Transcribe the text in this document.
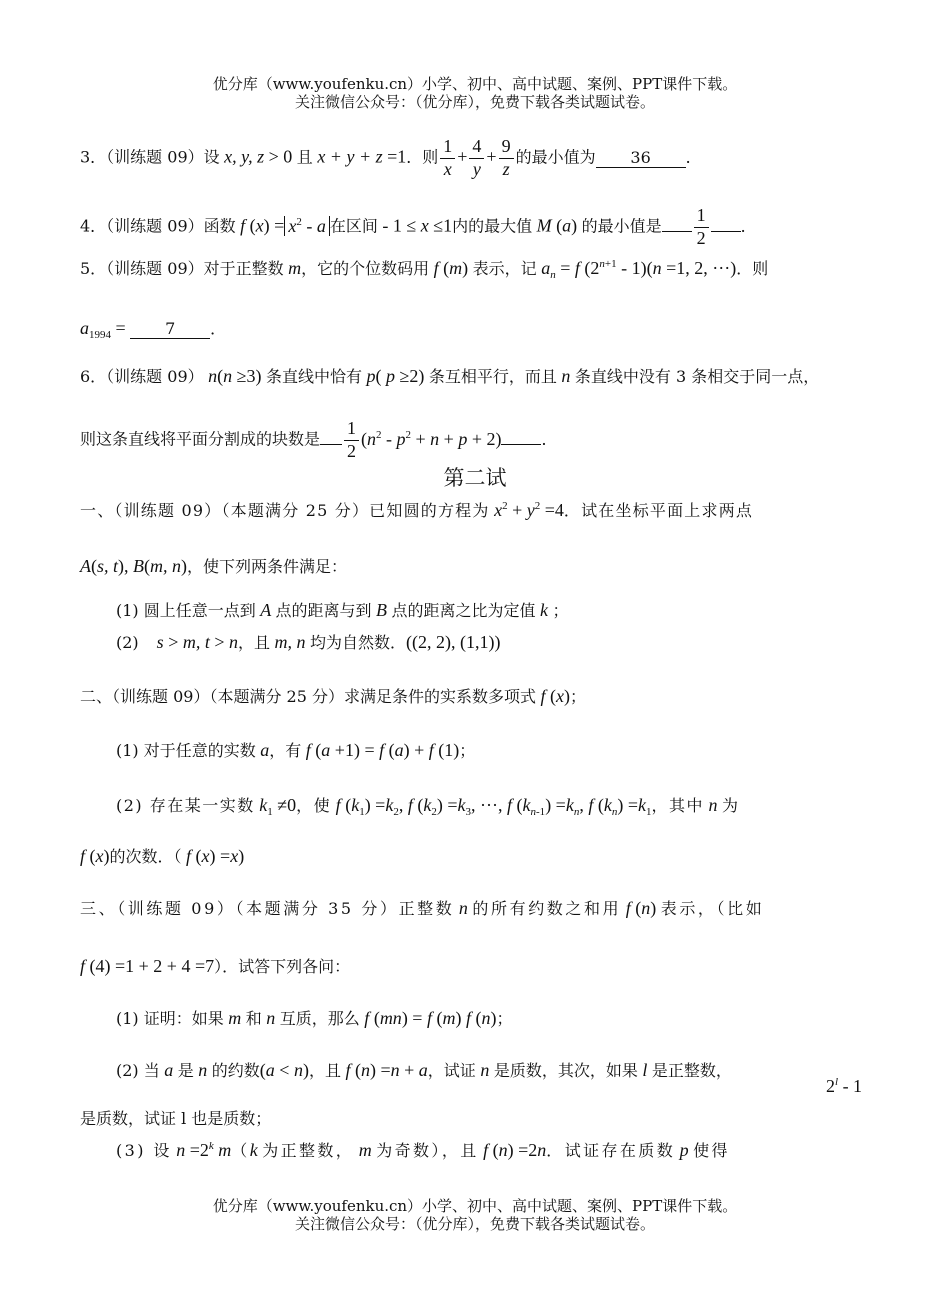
优分库（www.youfenku.cn）小学、初中、高中试题、案例、PPT课件下载。
关注微信公众号：（优分库），免费下载各类试题试卷。
3．（训练题 09）设 x, y, z > 0 且 x + y + z =1．则 $\frac{1}{x} + \frac{4}{y} + \frac{9}{z}$ 的最小值为 36 ．
4．（训练题 09）函数 f $(x) = x^2 - a$ 在区间 - 1 ≤ x ≤1内的最大值 M (a) 的最小值是 $\frac{1}{2}$ ．
5．（训练题 09）对于正整数 m，它的个位数码用 f (m) 表示，记 $a_n = f$ $(2^{n+1} - 1)(n =1$, 2, ···)．则
$a_{1994} = 7$ ．
6．（训练题 09） n(n ≥3) 条直线中恰有 p( p ≥2) 条互相平行，而且 n 条直线中没有 3 条相交于同一点，
则这条直线将平面分割成的块数是 $\frac{1}{2} (n^2 - p^2 + n + p + 2)$	．
第二试
一、（训练题 09）（本题满分 25 分）已知圆的方程为 $x^2 + y^2 =4$．试在坐标平面上求两点
A(s, t), B(m, n)，使下列两条件满足：
(1) 圆上任意一点到 A 点的距离与到 B 点的距离之比为定值 k ；
(2)    s > m, t > n，且 m, n 均为自然数．((2, 2), (1,1))
二、（训练题 09）（本题满分 25 分）求满足条件的实系数多项式 f (x)；
(1) 对于任意的实数 a，有 f (a +1) = f (a) + f (1)；
(2) 存在某一实数 $k_1 \ne 0$，使 f $(k_1) =k_2$, f $(k_2) =k_3$, ···, f $(k_{n-1}) =k_n$, f $(k_n) =k_1$，其中 n 为
f (x)的次数．（ f (x) =x)
三、（训练题 09）（本题满分 35 分）正整数 n 的所有约数之和用 f (n) 表示，（比如
f (4) =1 + 2 + 4 =7）．试答下列各问：
(1) 证明：如果 m 和 n 互质，那么 f (mn) = f (m) f (n)；
(2) 当 a 是 n 的约数(a < n)，且 f (n) =n + a，试证 n 是质数，其次，如果 l 是正整数，
2$^l$ - 1
是质数，试证 l 也是质数；
(3) 设 $n =2^k$ m（k 为正整数， m 为奇数），且 f (n) =2n．试证存在质数 p 使得
优分库（www.youfenku.cn）小学、初中、高中试题、案例、PPT课件下载。
关注微信公众号：（优分库），免费下载各类试题试卷。
